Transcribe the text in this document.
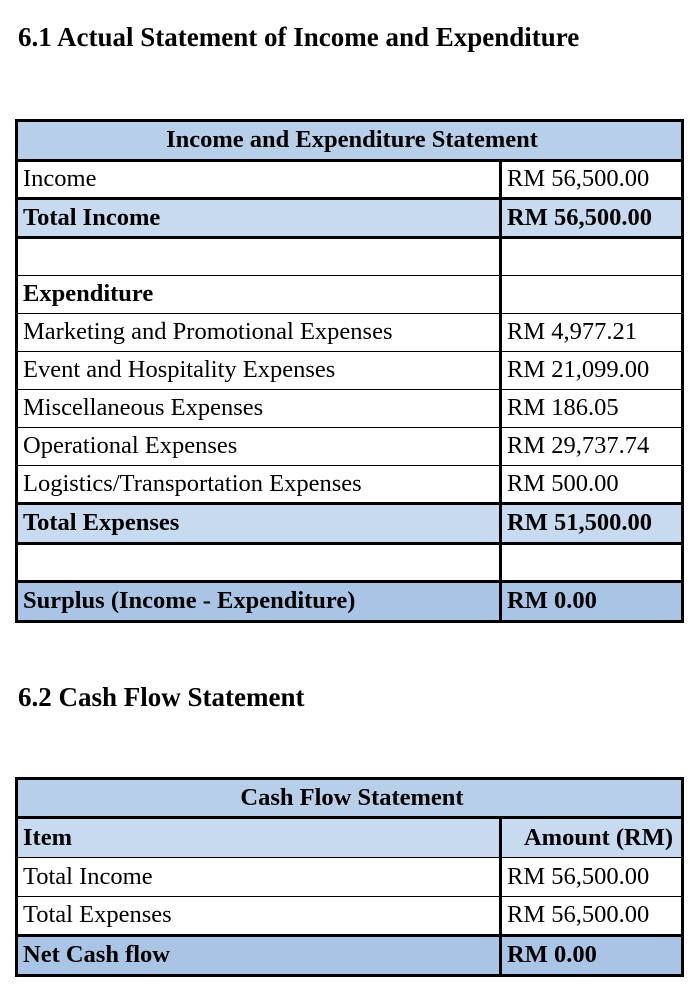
6.1 Actual Statement of Income and Expenditure
Income and Expenditure Statement	
Income	RM 56,500.00
Total Income	RM 56,500.00

Expenditure	
Marketing and Promotional Expenses	RM 4,977.21
Event and Hospitality Expenses	RM 21,099.00
Miscellaneous Expenses	RM 186.05
Operational Expenses	RM 29,737.74
Logistics/Transportation Expenses	RM 500.00
Total Expenses	RM 51,500.00

Surplus (Income - Expenditure)	RM 0.00
6.2 Cash Flow Statement
Cash Flow Statement	
Item	Amount (RM)
Total Income	RM 56,500.00
Total Expenses	RM 56,500.00
Net Cash flow	RM 0.00
